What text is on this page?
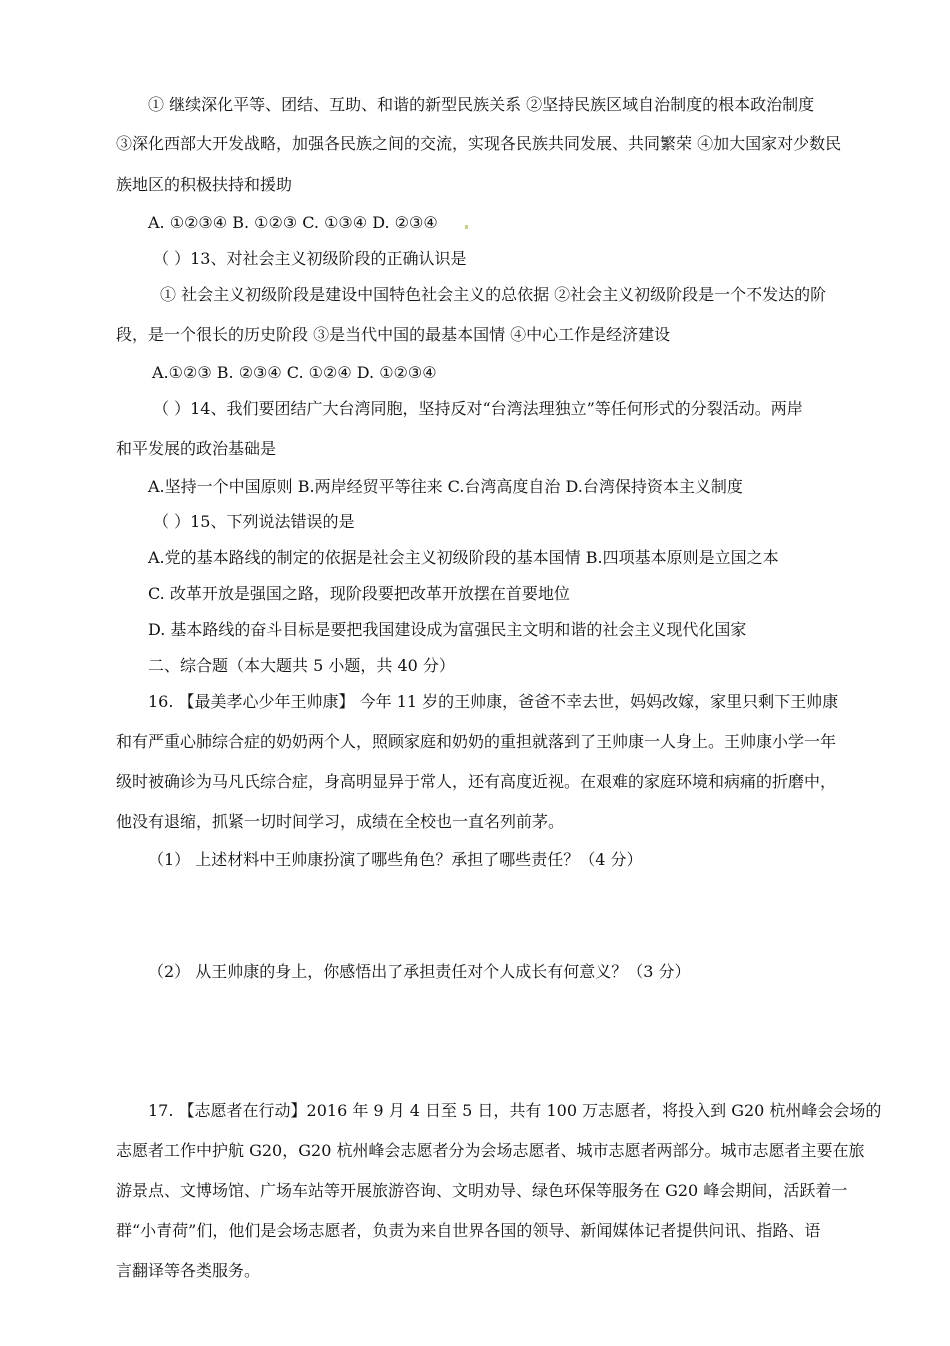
① 继续深化平等、团结、互助、和谐的新型民族关系 ②坚持民族区域自治制度的根本政治制度
③深化西部大开发战略，加强各民族之间的交流，实现各民族共同发展、共同繁荣 ④加大国家对少数民
族地区的积极扶持和援助
A. ①②③④ B. ①②③ C. ①③④ D. ②③④
（ ）13、对社会主义初级阶段的正确认识是
① 社会主义初级阶段是建设中国特色社会主义的总依据 ②社会主义初级阶段是一个不发达的阶
段，是一个很长的历史阶段 ③是当代中国的最基本国情 ④中心工作是经济建设
A.①②③ B. ②③④ C. ①②④ D. ①②③④
（ ）14、我们要团结广大台湾同胞，坚持反对“台湾法理独立”等任何形式的分裂活动。两岸
和平发展的政治基础是
A.坚持一个中国原则 B.两岸经贸平等往来 C.台湾高度自治 D.台湾保持资本主义制度
（ ）15、下列说法错误的是
A.党的基本路线的制定的依据是社会主义初级阶段的基本国情 B.四项基本原则是立国之本
C. 改革开放是强国之路，现阶段要把改革开放摆在首要地位
D. 基本路线的奋斗目标是要把我国建设成为富强民主文明和谐的社会主义现代化国家
二、综合题（本大题共 5 小题，共 40 分）
16. 【最美孝心少年王帅康】 今年 11 岁的王帅康，爸爸不幸去世，妈妈改嫁，家里只剩下王帅康
和有严重心肺综合症的奶奶两个人，照顾家庭和奶奶的重担就落到了王帅康一人身上。王帅康小学一年
级时被确诊为马凡氏综合症，身高明显异于常人，还有高度近视。在艰难的家庭环境和病痛的折磨中，
他没有退缩，抓紧一切时间学习，成绩在全校也一直名列前茅。
（1） 上述材料中王帅康扮演了哪些角色？承担了哪些责任？（4 分）
（2） 从王帅康的身上，你感悟出了承担责任对个人成长有何意义？（3 分）
17. 【志愿者在行动】2016 年 9 月 4 日至 5 日，共有 100 万志愿者，将投入到 G20 杭州峰会会场的
志愿者工作中护航 G20，G20 杭州峰会志愿者分为会场志愿者、城市志愿者两部分。城市志愿者主要在旅
游景点、文博场馆、广场车站等开展旅游咨询、文明劝导、绿色环保等服务在 G20 峰会期间，活跃着一
群“小青荷”们，他们是会场志愿者，负责为来自世界各国的领导、新闻媒体记者提供问讯、指路、语
言翻译等各类服务。
